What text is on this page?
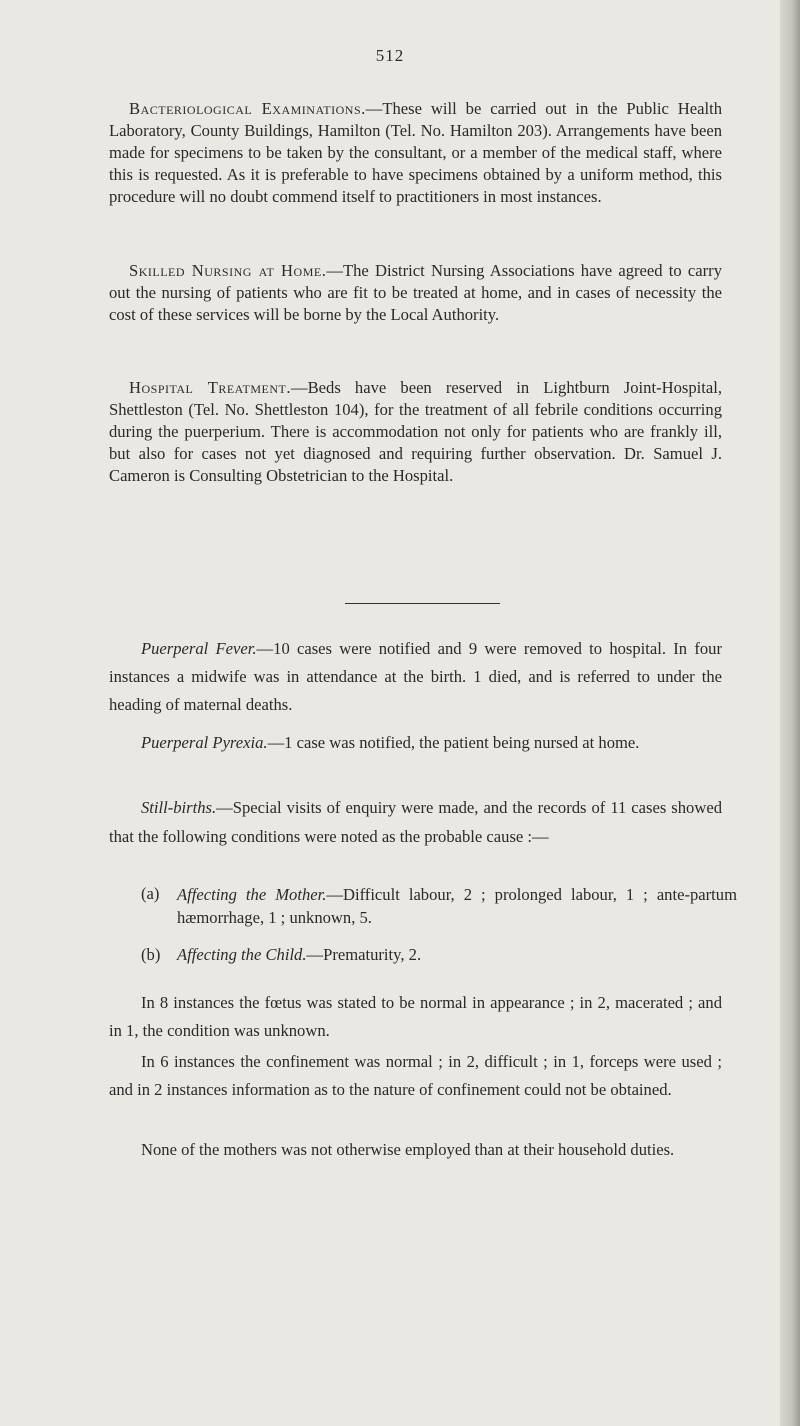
512

Bacteriological Examinations.—These will be carried out in the Public Health Laboratory, County Buildings, Hamilton (Tel. No. Hamilton 203). Arrangements have been made for specimens to be taken by the consultant, or a member of the medical staff, where this is requested. As it is preferable to have specimens obtained by a uniform method, this procedure will no doubt commend itself to practitioners in most instances.

Skilled Nursing at Home.—The District Nursing Associations have agreed to carry out the nursing of patients who are fit to be treated at home, and in cases of necessity the cost of these services will be borne by the Local Authority.

Hospital Treatment.—Beds have been reserved in Lightburn Joint-Hospital, Shettleston (Tel. No. Shettleston 104), for the treatment of all febrile conditions occurring during the puerperium. There is accommodation not only for patients who are frankly ill, but also for cases not yet diagnosed and requiring further observation. Dr. Samuel J. Cameron is Consulting Obstetrician to the Hospital.

Puerperal Fever.—10 cases were notified and 9 were removed to hospital. In four instances a midwife was in attendance at the birth. 1 died, and is referred to under the heading of maternal deaths.

Puerperal Pyrexia.—1 case was notified, the patient being nursed at home.

Still-births.—Special visits of enquiry were made, and the records of 11 cases showed that the following conditions were noted as the probable cause :—

(a) Affecting the Mother.—Difficult labour, 2 ; prolonged labour, 1 ; ante-partum hæmorrhage, 1 ; unknown, 5.

(b) Affecting the Child.—Prematurity, 2.

In 8 instances the fœtus was stated to be normal in appearance ; in 2, macerated ; and in 1, the condition was unknown.

In 6 instances the confinement was normal ; in 2, difficult ; in 1, forceps were used ; and in 2 instances information as to the nature of confinement could not be obtained.

None of the mothers was not otherwise employed than at their household duties.
